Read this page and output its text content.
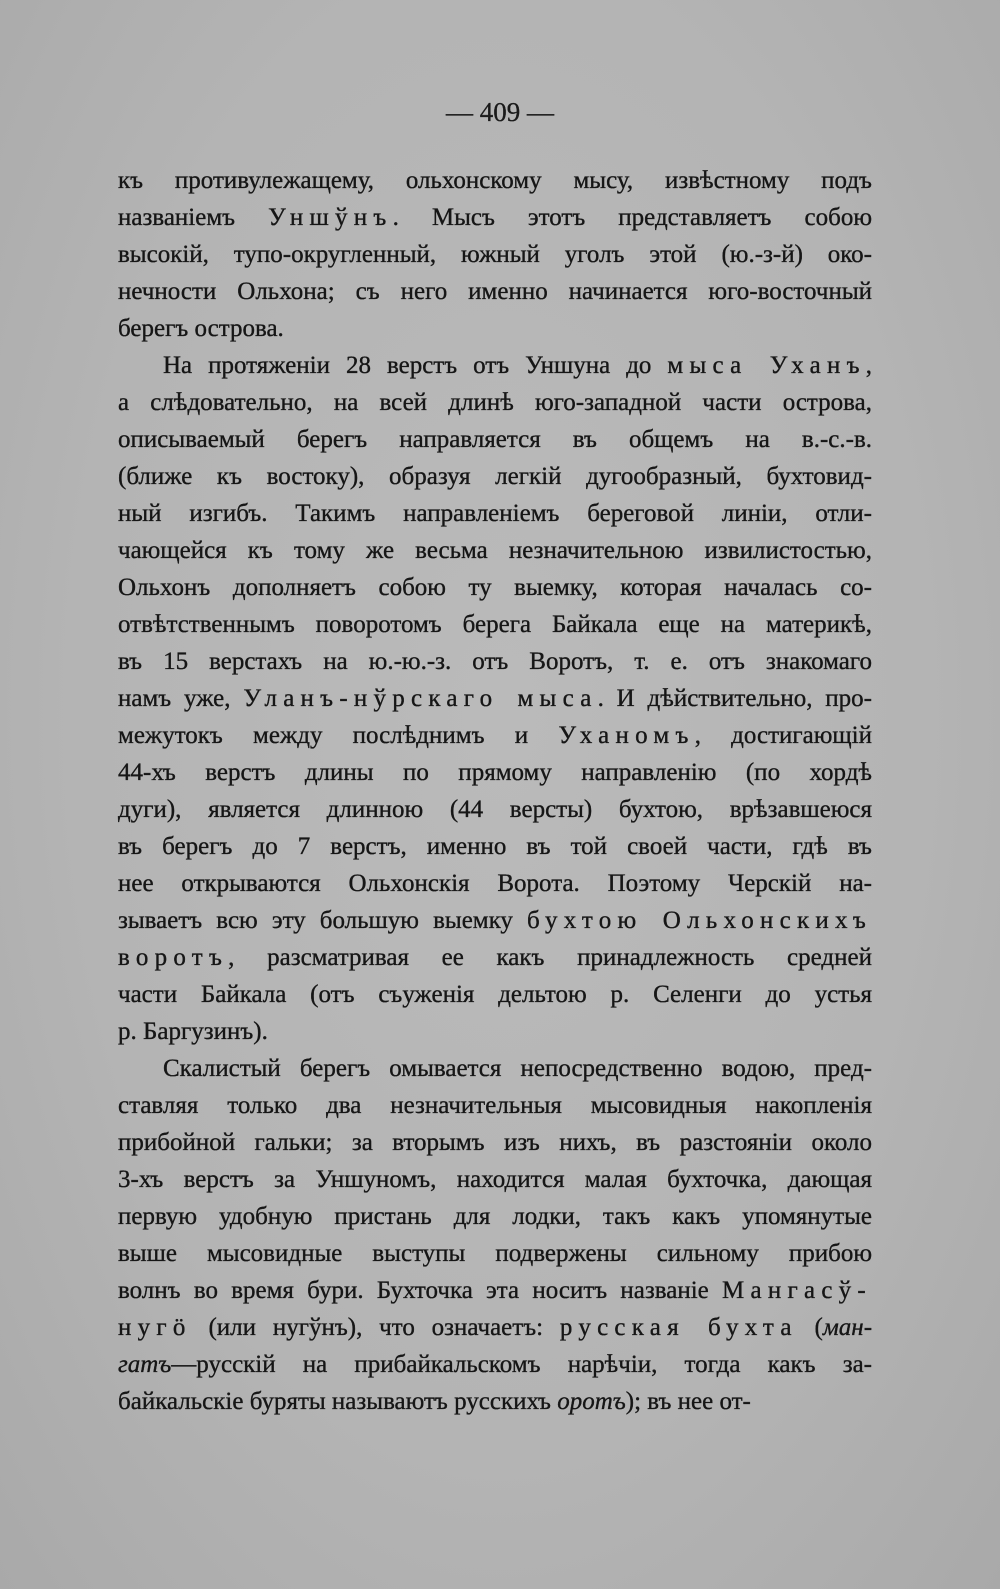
— 409 —
къ противулежащему, ольхонскому мысу, извѣстному подъ
названіемъ Уншўнъ. Мысъ этотъ представляетъ собою
высокій, тупо-округленный, южный уголъ этой (ю.-з-й) око-
нечности Ольхона; съ него именно начинается юго-восточный
берегъ острова.
На протяженіи 28 верстъ отъ Уншуна до мыса Уханъ,
а слѣдовательно, на всей длинѣ юго-западной части острова,
описываемый берегъ направляется въ общемъ на в.-с.-в.
(ближе къ востоку), образуя легкій дугообразный, бухтовид-
ный изгибъ. Такимъ направленіемъ береговой линіи, отли-
чающейся къ тому же весьма незначительною извилистостью,
Ольхонъ дополняетъ собою ту выемку, которая началась со-
отвѣтственнымъ поворотомъ берега Байкала еще на материкѣ,
въ 15 верстахъ на ю.-ю.-з. отъ Воротъ, т. е. отъ знакомаго
намъ уже, Уланъ-нўрскаго мыса. И дѣйствительно, про-
межутокъ между послѣднимъ и Уханомъ, достигающій
44-хъ верстъ длины по прямому направленію (по хордѣ
дуги), является длинною (44 версты) бухтою, врѣзавшеюся
въ берегъ до 7 верстъ, именно въ той своей части, гдѣ въ
нее открываются Ольхонскія Ворота. Поэтому Черскій на-
зываетъ всю эту большую выемку бухтою Ольхонскихъ
воротъ, разсматривая ее какъ принадлежность средней
части Байкала (отъ съуженія дельтою р. Селенги до устья
р. Баргузинъ).
Скалистый берегъ омывается непосредственно водою, пред-
ставляя только два незначительныя мысовидныя накопленія
прибойной гальки; за вторымъ изъ нихъ, въ разстояніи около
3-хъ верстъ за Уншуномъ, находится малая бухточка, дающая
первую удобную пристань для лодки, такъ какъ упомянутые
выше мысовидные выступы подвержены сильному прибою
волнъ во время бури. Бухточка эта носитъ названіе Мангасў-
нугӧ (или нугўнъ), что означаетъ: русская бухта (ман-
гатъ—русскій на прибайкальскомъ нарѣчіи, тогда какъ за-
байкальскіе буряты называютъ русскихъ оротъ); въ нее от-
